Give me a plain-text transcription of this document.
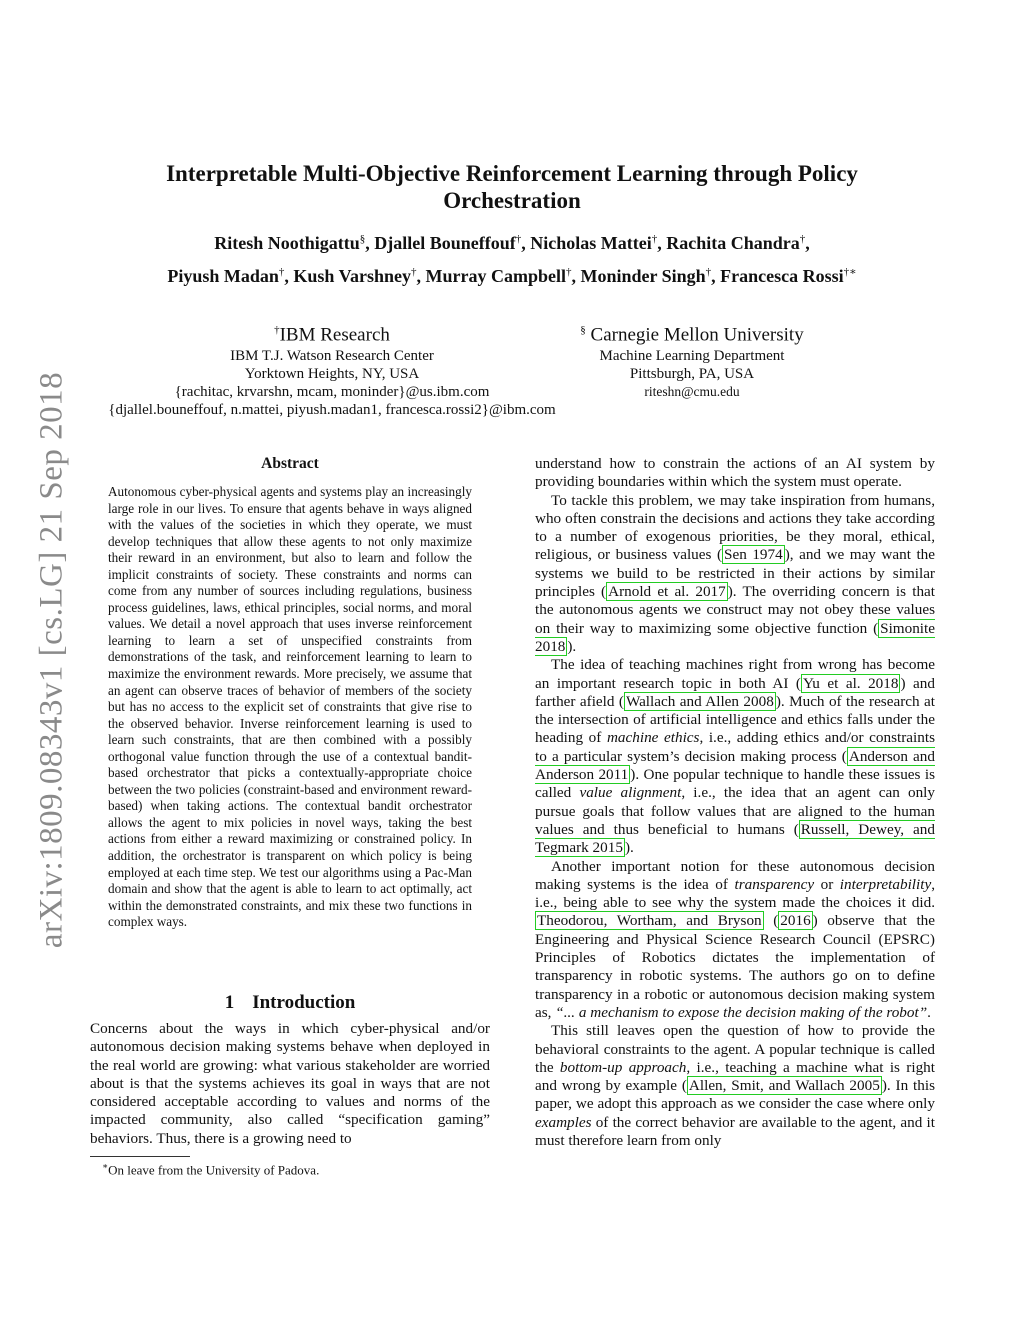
arXiv:1809.08343v1 [cs.LG] 21 Sep 2018
Interpretable Multi-Objective Reinforcement Learning through Policy Orchestration
Ritesh Noothigattu§, Djallel Bouneffouf†, Nicholas Mattei†, Rachita Chandra†,
Piyush Madan†, Kush Varshney†, Murray Campbell†, Moninder Singh†, Francesca Rossi†∗
†IBM Research
IBM T.J. Watson Research Center
Yorktown Heights, NY, USA
{rachitac, krvarshn, mcam, moninder}@us.ibm.com
{djallel.bouneffouf, n.mattei, piyush.madan1, francesca.rossi2}@ibm.com
§ Carnegie Mellon University
Machine Learning Department
Pittsburgh, PA, USA
riteshn@cmu.edu
Abstract
Autonomous cyber-physical agents and systems play an increasingly large role in our lives. To ensure that agents behave in ways aligned with the values of the societies in which they operate, we must develop techniques that allow these agents to not only maximize their reward in an environment, but also to learn and follow the implicit constraints of society. These constraints and norms can come from any number of sources including regulations, business process guidelines, laws, ethical principles, social norms, and moral values. We detail a novel approach that uses inverse reinforcement learning to learn a set of unspecified constraints from demonstrations of the task, and reinforcement learning to learn to maximize the environment rewards. More precisely, we assume that an agent can observe traces of behavior of members of the society but has no access to the explicit set of constraints that give rise to the observed behavior. Inverse reinforcement learning is used to learn such constraints, that are then combined with a possibly orthogonal value function through the use of a contextual bandit-based orchestrator that picks a contextually-appropriate choice between the two policies (constraint-based and environment reward-based) when taking actions. The contextual bandit orchestrator allows the agent to mix policies in novel ways, taking the best actions from either a reward maximizing or constrained policy. In addition, the orchestrator is transparent on which policy is being employed at each time step. We test our algorithms using a Pac-Man domain and show that the agent is able to learn to act optimally, act within the demonstrated constraints, and mix these two functions in complex ways.
1 Introduction
Concerns about the ways in which cyber-physical and/or autonomous decision making systems behave when deployed in the real world are growing: what various stakeholder are worried about is that the systems achieves its goal in ways that are not considered acceptable according to values and norms of the impacted community, also called “specification gaming” behaviors. Thus, there is a growing need to
∗On leave from the University of Padova.

understand how to constrain the actions of an AI system by providing boundaries within which the system must operate.

To tackle this problem, we may take inspiration from humans, who often constrain the decisions and actions they take according to a number of exogenous priorities, be they moral, ethical, religious, or business values ( Sen 1974 ), and we may want the systems we build to be restricted in their actions by similar principles ( Arnold et al. 2017 ). The overriding concern is that the autonomous agents we construct may not obey these values on their way to maximizing some objective function ( Simonite 2018 ).

The idea of teaching machines right from wrong has become an important research topic in both AI ( Yu et al. 2018 ) and farther afield ( Wallach and Allen 2008 ). Much of the research at the intersection of artificial intelligence and ethics falls under the heading of machine ethics, i.e., adding ethics and/or constraints to a particular system’s decision making process ( Anderson and Anderson 2011 ). One popular technique to handle these issues is called value alignment, i.e., the idea that an agent can only pursue goals that follow values that are aligned to the human values and thus beneficial to humans ( Russell, Dewey, and Tegmark 2015 ).

Another important notion for these autonomous decision making systems is the idea of transparency or interpretability, i.e., being able to see why the system made the choices it did. Theodorou, Wortham, and Bryson ( 2016 ) observe that the Engineering and Physical Science Research Council (EPSRC) Principles of Robotics dictates the implementation of transparency in robotic systems. The authors go on to define transparency in a robotic or autonomous decision making system as, “... a mechanism to expose the decision making of the robot”.

This still leaves open the question of how to provide the behavioral constraints to the agent. A popular technique is called the bottom-up approach, i.e., teaching a machine what is right and wrong by example ( Allen, Smit, and Wallach 2005 ). In this paper, we adopt this approach as we consider the case where only examples of the correct behavior are available to the agent, and it must therefore learn from only
